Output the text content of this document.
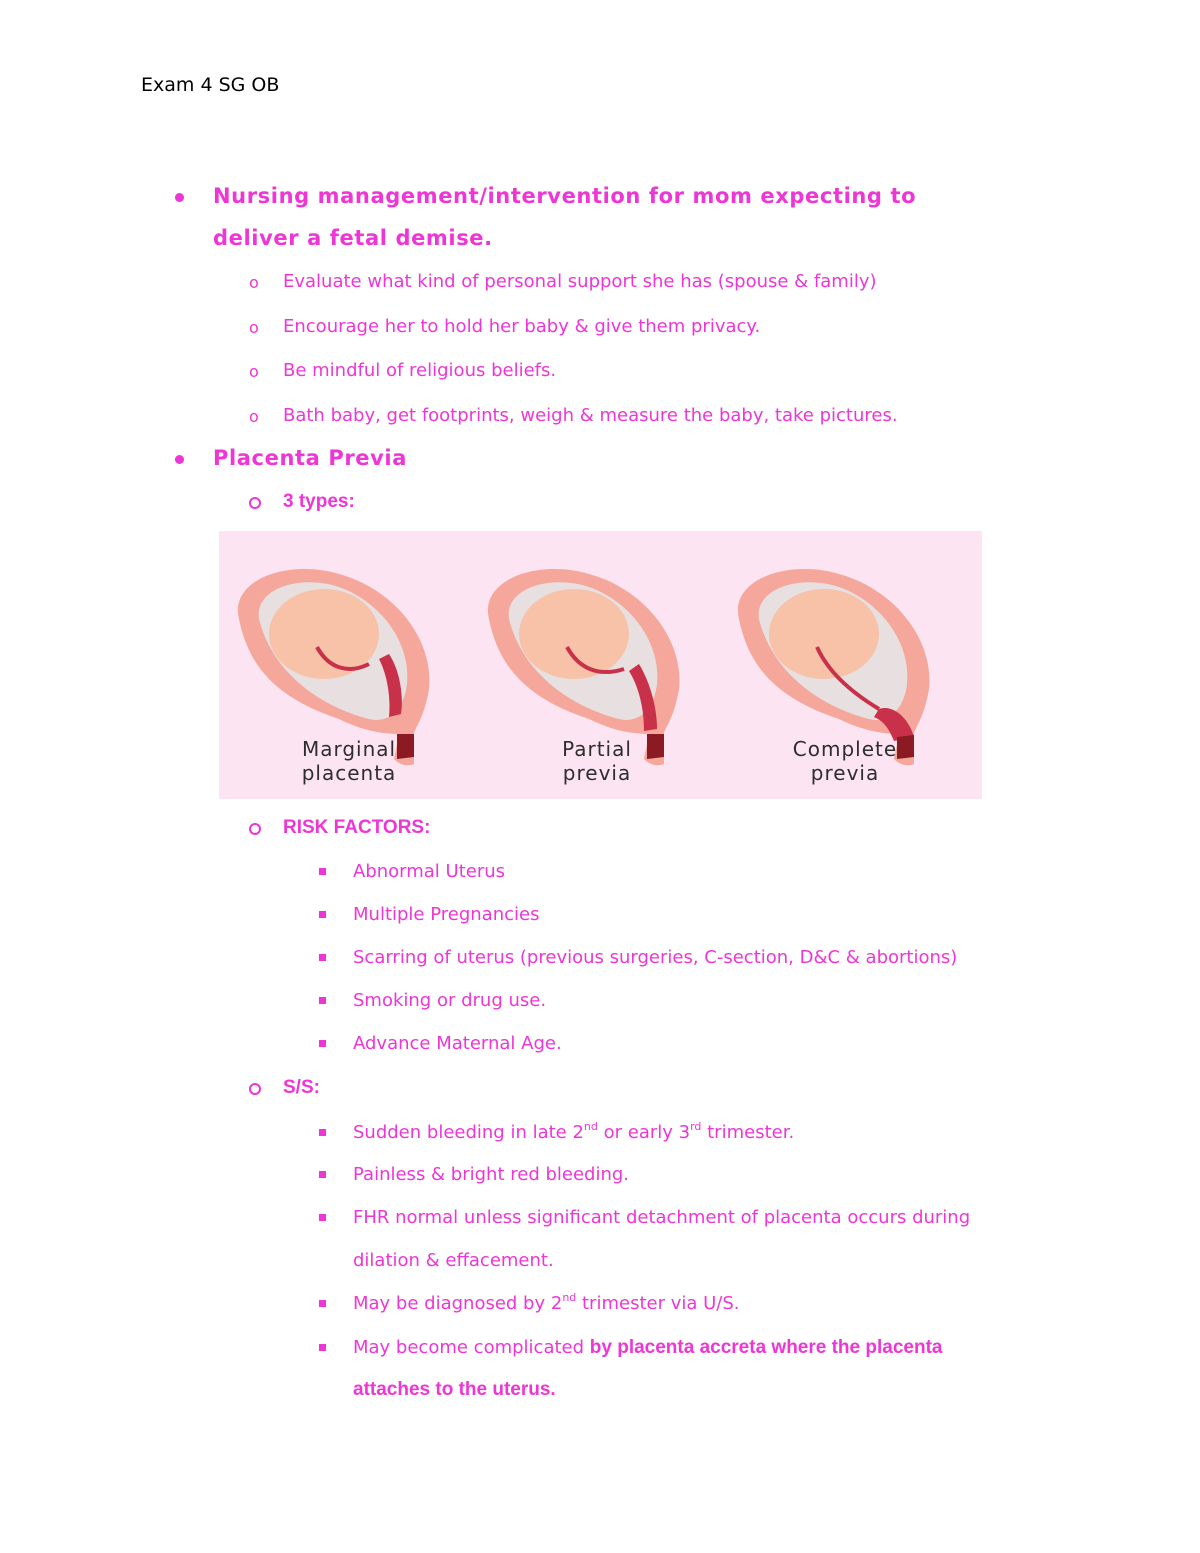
Exam 4 SG OB
Nursing management/intervention for mom expecting to
deliver a fetal demise.
o Evaluate what kind of personal support she has (spouse & family)
o Encourage her to hold her baby & give them privacy.
o Be mindful of religious beliefs.
o Bath baby, get footprints, weigh & measure the baby, take pictures.
Placenta Previa
3 types:
Marginal
placenta
Partial
previa
Complete
previa
RISK FACTORS:
Abnormal Uterus
Multiple Pregnancies
Scarring of uterus (previous surgeries, C-section, D&C & abortions)
Smoking or drug use.
Advance Maternal Age.
S/S:
Sudden bleeding in late 2nd or early 3rd trimester.
Painless & bright red bleeding.
FHR normal unless significant detachment of placenta occurs during
dilation & effacement.
May be diagnosed by 2nd trimester via U/S.
May become complicated by placenta accreta where the placenta
attaches to the uterus.
